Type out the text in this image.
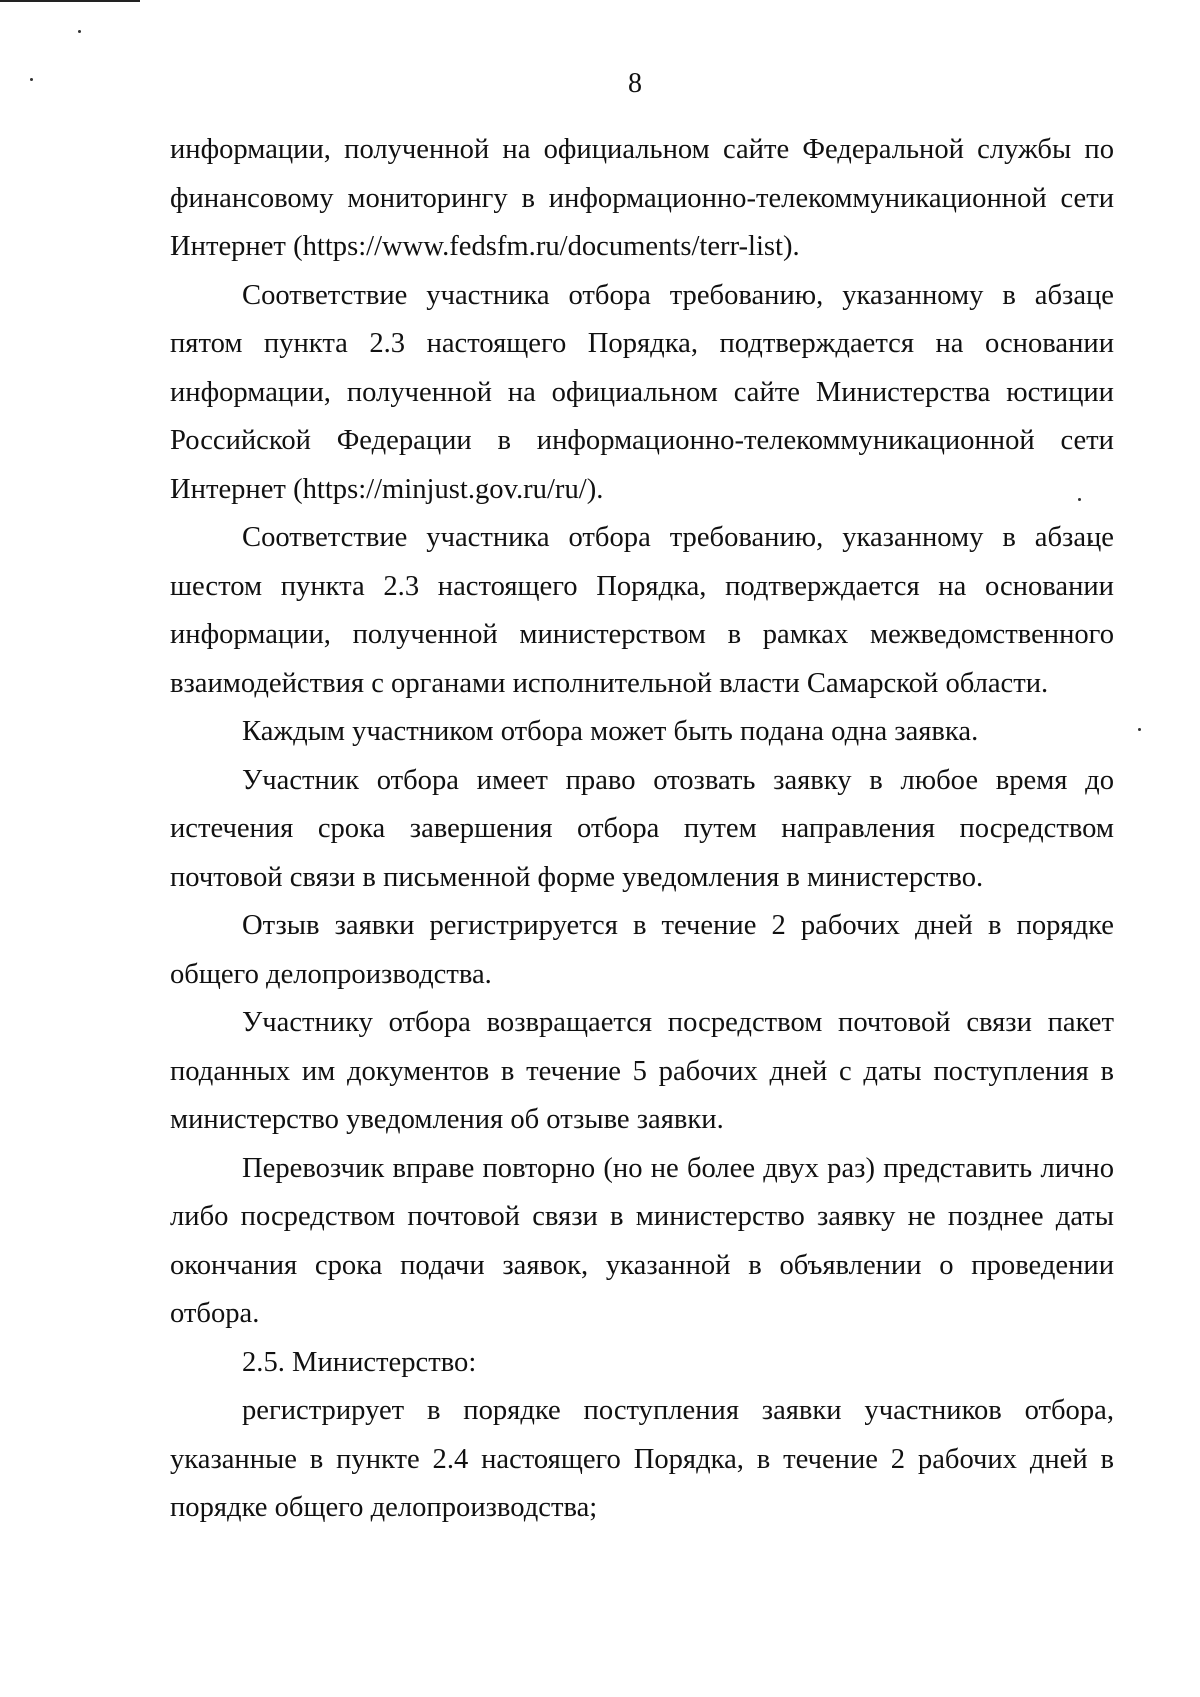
8

информации, полученной на официальном сайте Федеральной службы по финансовому мониторингу в информационно-телекоммуникационной сети Интернет (https://www.fedsfm.ru/documents/terr-list).

Соответствие участника отбора требованию, указанному в абзаце пятом пункта 2.3 настоящего Порядка, подтверждается на основании информации, полученной на официальном сайте Министерства юстиции Российской Федерации в информационно-телекоммуникационной сети Интернет (https://minjust.gov.ru/ru/).

Соответствие участника отбора требованию, указанному в абзаце шестом пункта 2.3 настоящего Порядка, подтверждается на основании информации, полученной министерством в рамках межведомственного взаимодействия с органами исполнительной власти Самарской области.

Каждым участником отбора может быть подана одна заявка.

Участник отбора имеет право отозвать заявку в любое время до истечения срока завершения отбора путем направления посредством почтовой связи в письменной форме уведомления в министерство.

Отзыв заявки регистрируется в течение 2 рабочих дней в порядке общего делопроизводства.

Участнику отбора возвращается посредством почтовой связи пакет поданных им документов в течение 5 рабочих дней с даты поступления в министерство уведомления об отзыве заявки.

Перевозчик вправе повторно (но не более двух раз) представить лично либо посредством почтовой связи в министерство заявку не позднее даты окончания срока подачи заявок, указанной в объявлении о проведении отбора.

2.5. Министерство:

регистрирует в порядке поступления заявки участников отбора, указанные в пункте 2.4 настоящего Порядка, в течение 2 рабочих дней в порядке общего делопроизводства;
